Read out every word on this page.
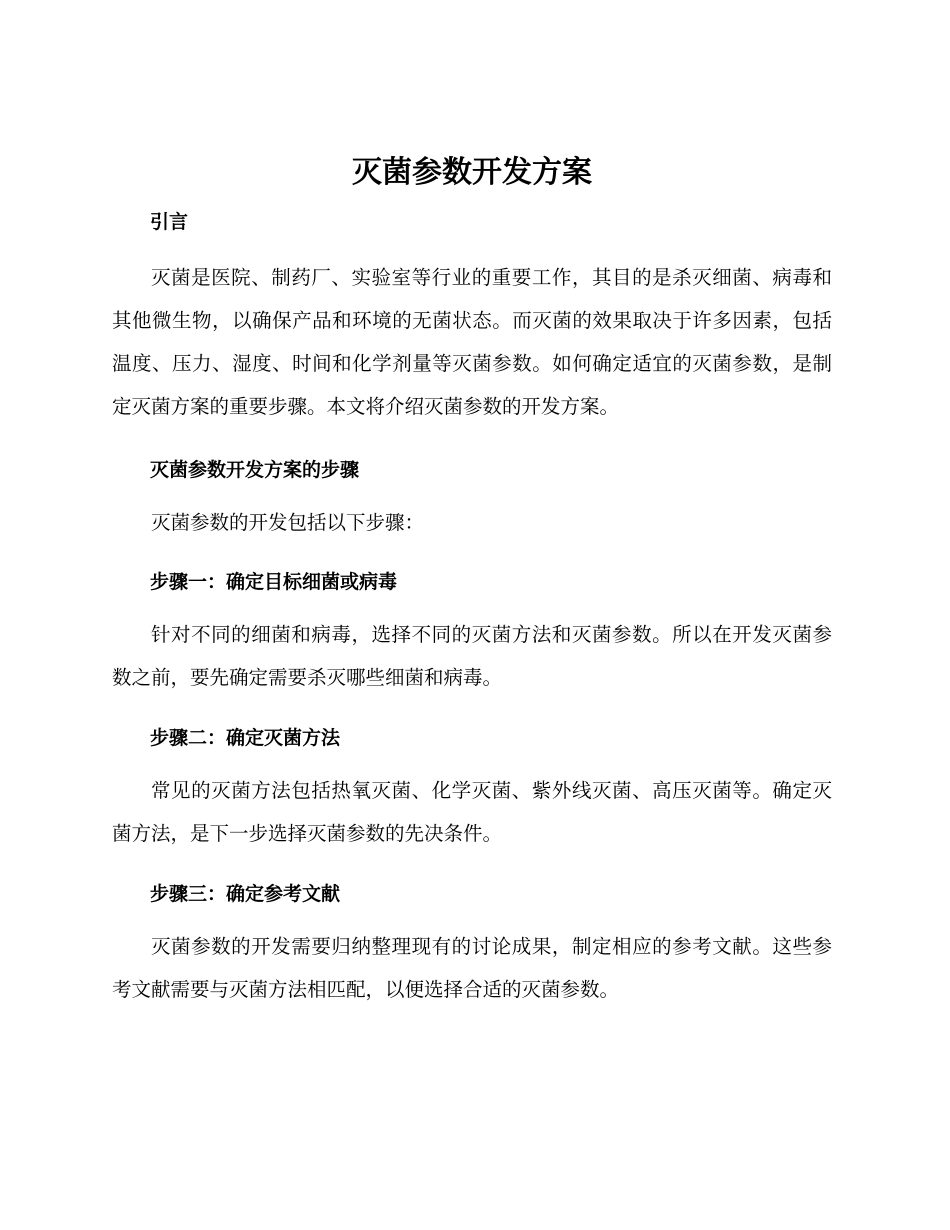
灭菌参数开发方案
引言

灭菌是医院、制药厂、实验室等行业的重要工作，其目的是杀灭细菌、病毒和其他微生物，以确保产品和环境的无菌状态。而灭菌的效果取决于许多因素，包括温度、压力、湿度、时间和化学剂量等灭菌参数。如何确定适宜的灭菌参数，是制定灭菌方案的重要步骤。本文将介绍灭菌参数的开发方案。

灭菌参数开发方案的步骤

灭菌参数的开发包括以下步骤：

步骤一：确定目标细菌或病毒

针对不同的细菌和病毒，选择不同的灭菌方法和灭菌参数。所以在开发灭菌参数之前，要先确定需要杀灭哪些细菌和病毒。

步骤二：确定灭菌方法

常见的灭菌方法包括热氧灭菌、化学灭菌、紫外线灭菌、高压灭菌等。确定灭菌方法，是下一步选择灭菌参数的先决条件。

步骤三：确定参考文献

灭菌参数的开发需要归纳整理现有的讨论成果，制定相应的参考文献。这些参考文献需要与灭菌方法相匹配，以便选择合适的灭菌参数。
